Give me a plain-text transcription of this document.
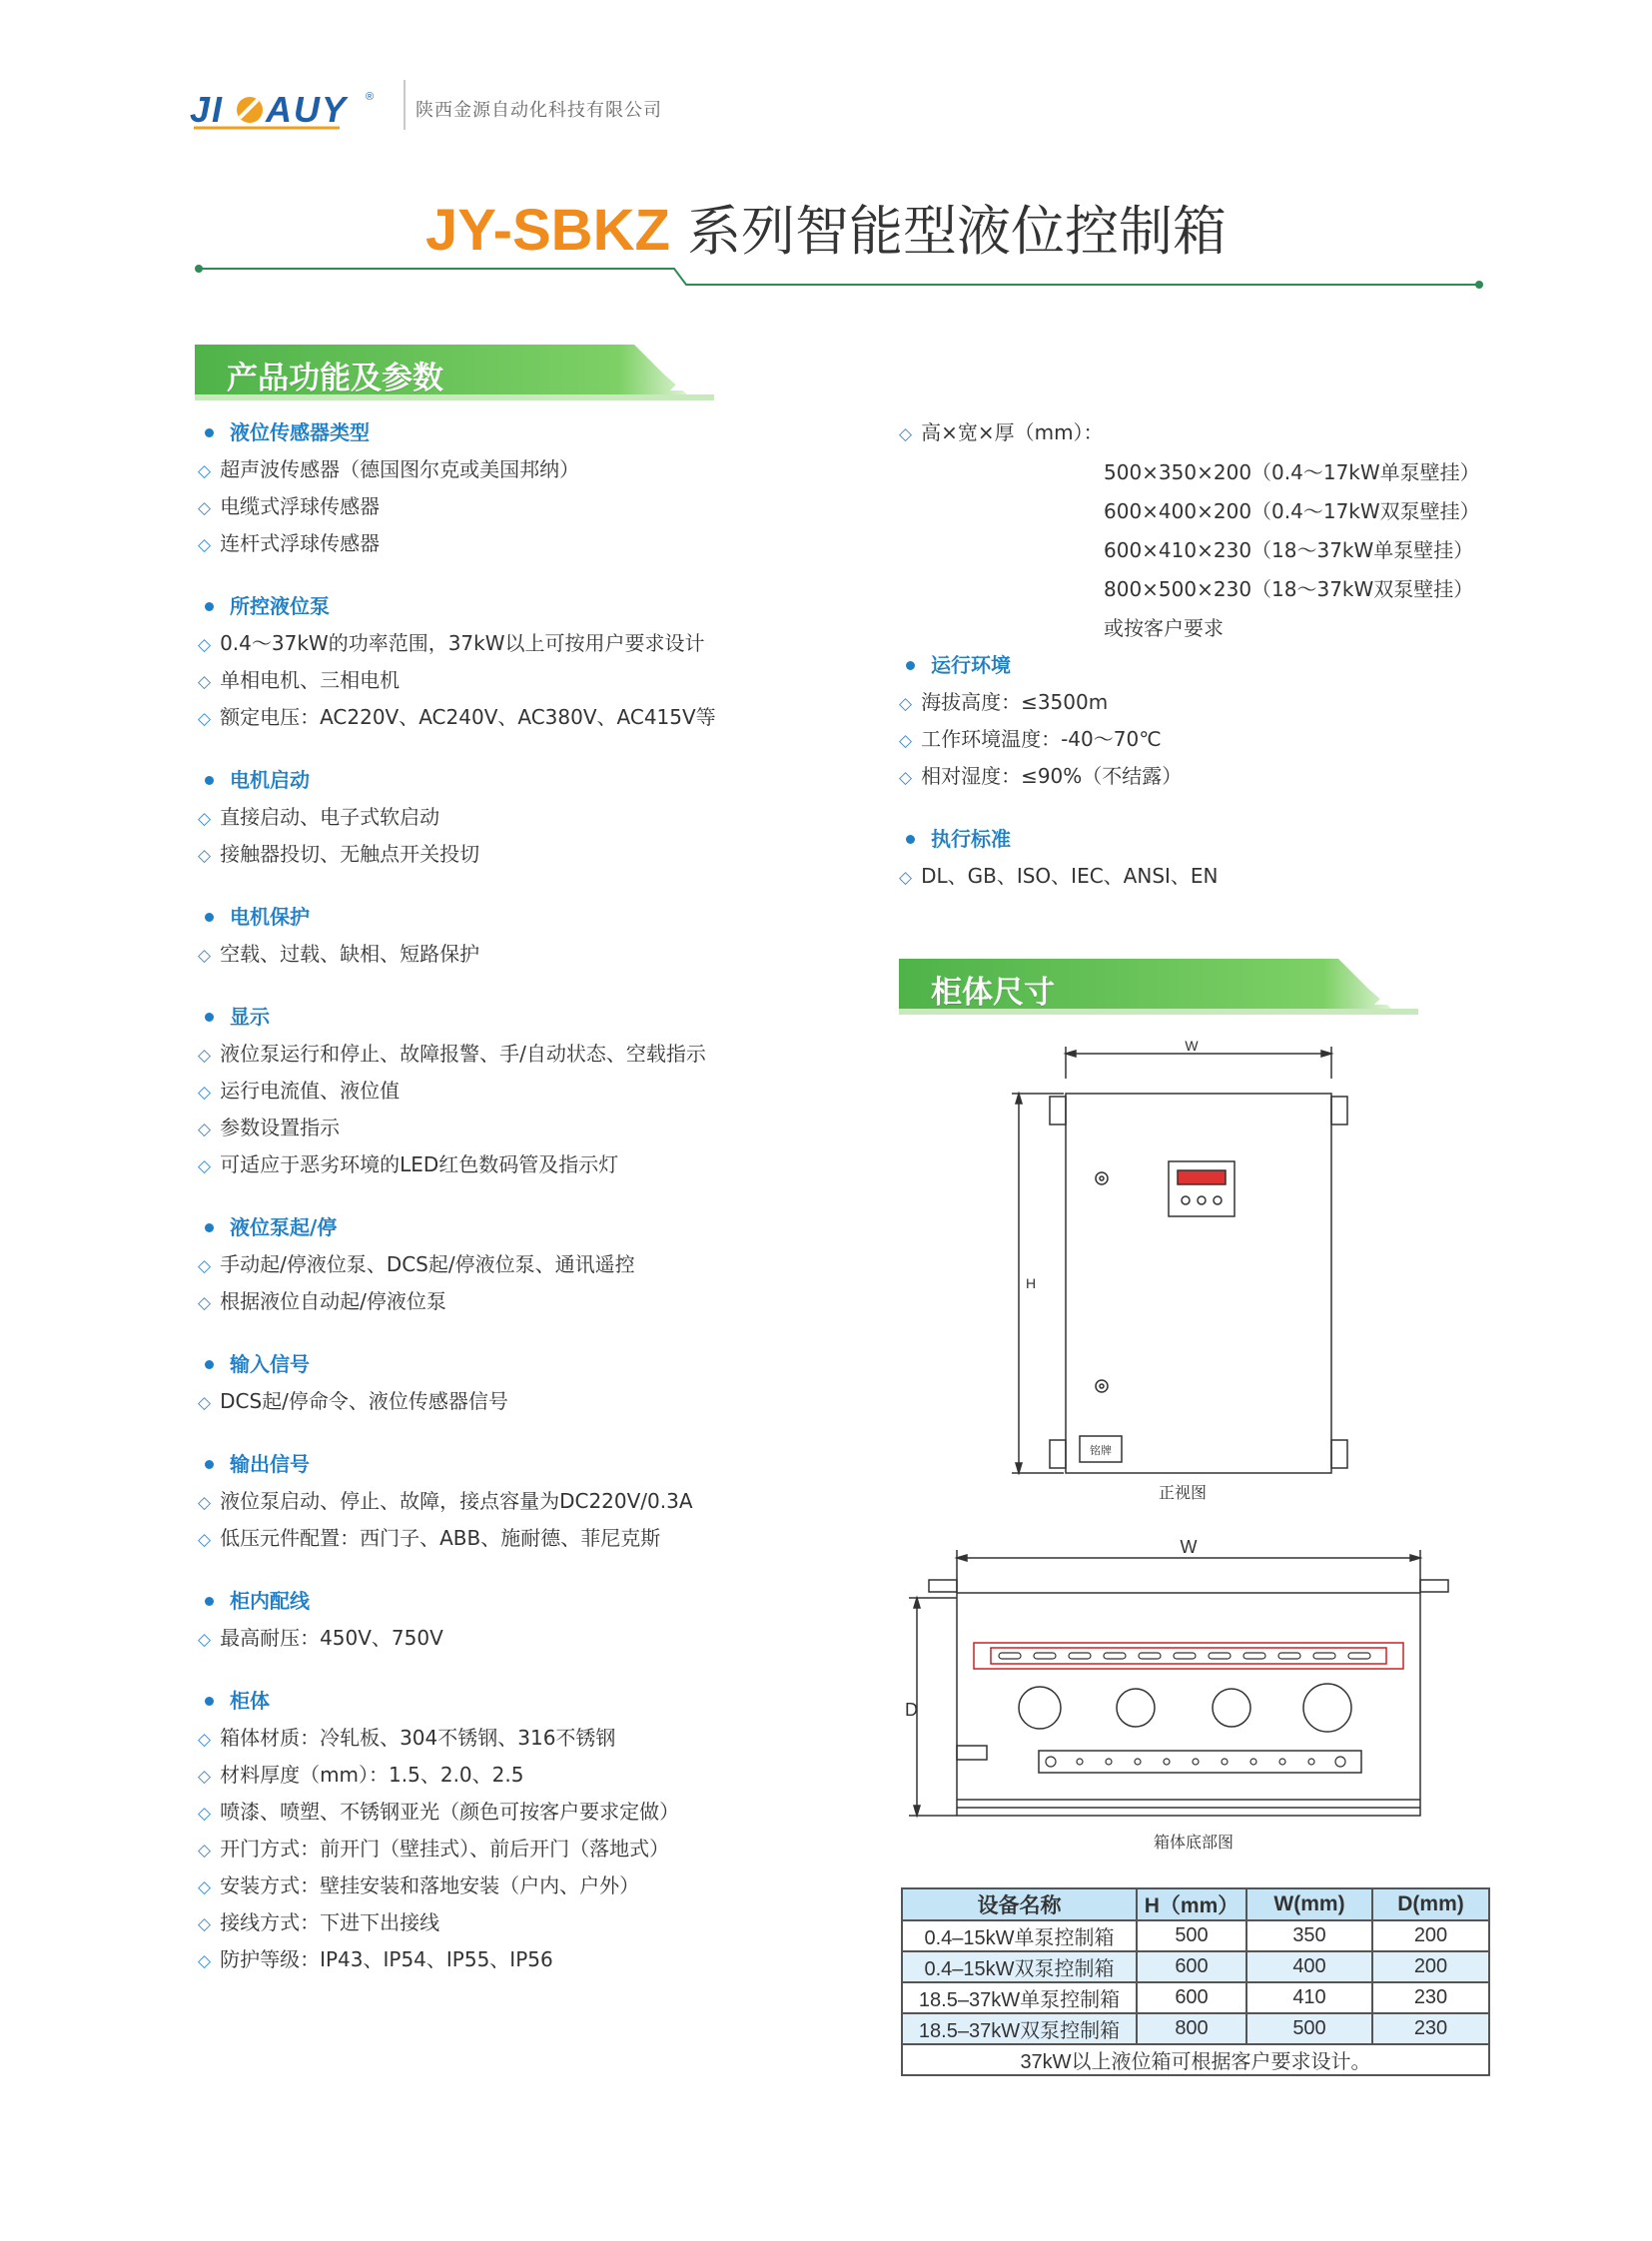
JI AUY ®
陕西金源自动化科技有限公司
JY-SBKZ 系列智能型液位控制箱
产品功能及参数
液位传感器类型
◇ 超声波传感器（德国图尔克或美国邦纳）
◇ 电缆式浮球传感器
◇ 连杆式浮球传感器
所控液位泵
◇ 0.4～37kW的功率范围，37kW以上可按用户要求设计
◇ 单相电机、三相电机
◇ 额定电压：AC220V、AC240V、AC380V、AC415V等
电机启动
◇ 直接启动、电子式软启动
◇ 接触器投切、无触点开关投切
电机保护
◇ 空载、过载、缺相、短路保护
显示
◇ 液位泵运行和停止、故障报警、手/自动状态、空载指示
◇ 运行电流值、液位值
◇ 参数设置指示
◇ 可适应于恶劣环境的LED红色数码管及指示灯
液位泵起/停
◇ 手动起/停液位泵、DCS起/停液位泵、通讯遥控
◇ 根据液位自动起/停液位泵
输入信号
◇ DCS起/停命令、液位传感器信号
输出信号
◇ 液位泵启动、停止、故障，接点容量为DC220V/0.3A
◇ 低压元件配置：西门子、ABB、施耐德、菲尼克斯
柜内配线
◇ 最高耐压：450V、750V
柜体
◇ 箱体材质：冷轧板、304不锈钢、316不锈钢
◇ 材料厚度（mm）：1.5、2.0、2.5
◇ 喷漆、喷塑、不锈钢亚光（颜色可按客户要求定做）
◇ 开门方式：前开门（壁挂式）、前后开门（落地式）
◇ 安装方式：壁挂安装和落地安装（户内、户外）
◇ 接线方式：下进下出接线
◇ 防护等级：IP43、IP54、IP55、IP56
◇ 高×宽×厚（mm）：
500×350×200（0.4～17kW单泵壁挂）
600×400×200（0.4～17kW双泵壁挂）
600×410×230（18～37kW单泵壁挂）
800×500×230（18～37kW双泵壁挂）
或按客户要求
运行环境
◇ 海拔高度：≤3500m
◇ 工作环境温度：-40～70℃
◇ 相对湿度：≤90%（不结露）
执行标准
◇ DL、GB、ISO、IEC、ANSI、EN
柜体尺寸
W
H
铭牌
正视图
W
D
箱体底部图
设备名称	H（mm）	W(mm)	D(mm)
0.4–15kW单泵控制箱	500	350	200
0.4–15kW双泵控制箱	600	400	200
18.5–37kW单泵控制箱	600	410	230
18.5–37kW双泵控制箱	800	500	230
37kW以上液位箱可根据客户要求设计。			
